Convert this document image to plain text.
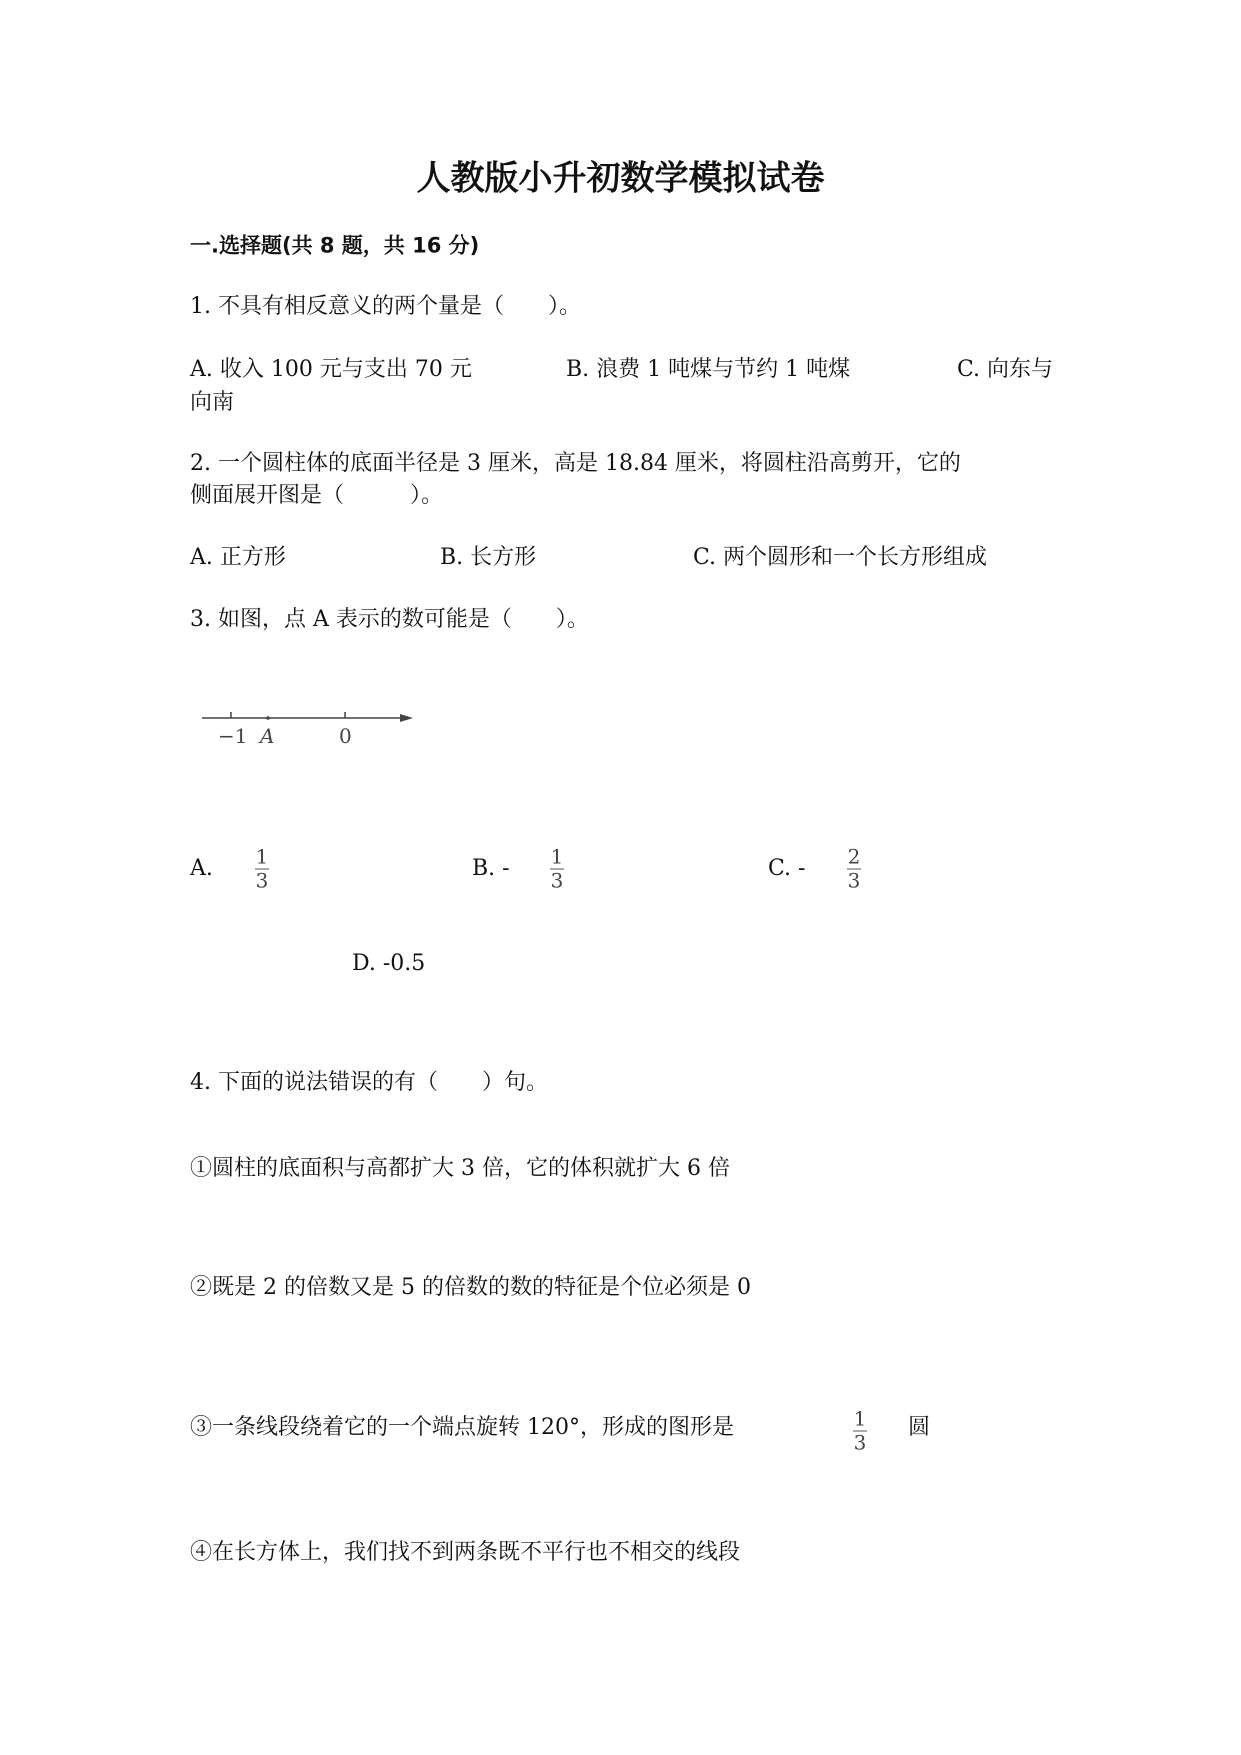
人教版小升初数学模拟试卷
一.选择题(共 8 题，共 16 分)
1. 不具有相反意义的两个量是（　　）。
A. 收入 100 元与支出 70 元	B. 浪费 1 吨煤与节约 1 吨煤	C. 向东与
向南
2. 一个圆柱体的底面半径是 3 厘米，高是 18.84 厘米，将圆柱沿高剪开，它的
侧面展开图是（　　　）。
A. 正方形	B. 长方形	C. 两个圆形和一个长方形组成
3. 如图，点 A 表示的数可能是（　　）。
−1 A	0
A. 1
3	B. - 1
3	C. - 2
3
D. -0.5
4. 下面的说法错误的有（　　）句。
①圆柱的底面积与高都扩大 3 倍，它的体积就扩大 6 倍
②既是 2 的倍数又是 5 的倍数的数的特征是个位必须是 0
③一条线段绕着它的一个端点旋转 120°，形成的图形是	1
3
圆
④在长方体上，我们找不到两条既不平行也不相交的线段
